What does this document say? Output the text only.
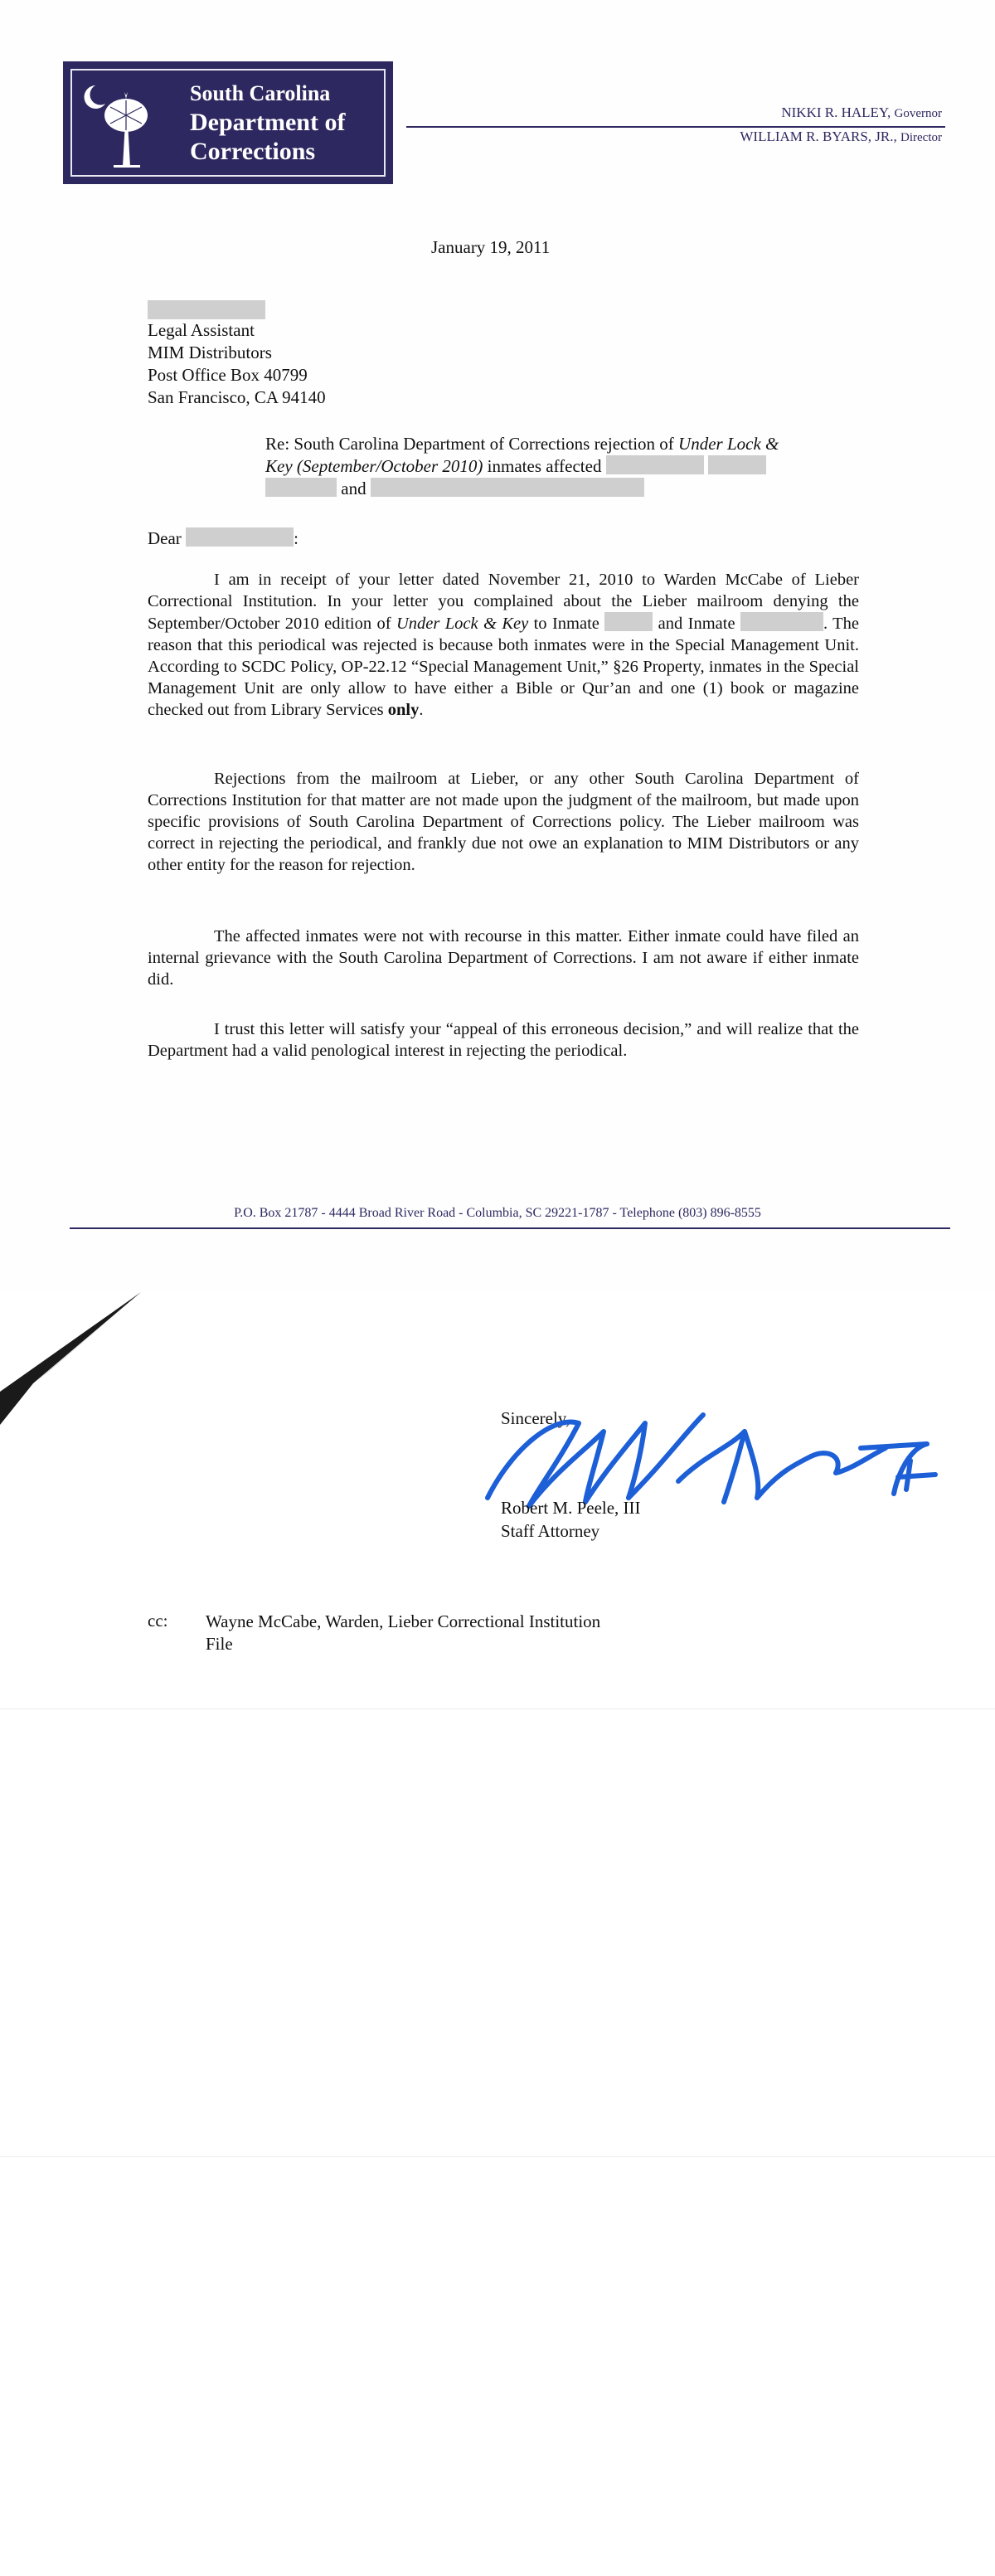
South Carolina
Department of
Corrections
NIKKI R. HALEY, Governor
WILLIAM R. BYARS, JR., Director
January 19, 2011
Legal Assistant
MIM Distributors
Post Office Box 40799
San Francisco, CA 94140
Re: South Carolina Department of Corrections rejection of Under Lock &
Key (September/October 2010) inmates affected
and
Dear	:

I am in receipt of your letter dated November 21, 2010 to Warden McCabe of Lieber Correctional Institution. In your letter you complained about the Lieber mailroom denying the September/October 2010 edition of Under Lock & Key to Inmate	and Inmate	. The reason that this periodical was rejected is because both inmates were in the Special Management Unit. According to SCDC Policy, OP-22.12 “Special Management Unit,” §26 Property, inmates in the Special Management Unit are only allow to have either a Bible or Qur’an and one (1) book or magazine checked out from Library Services only.

Rejections from the mailroom at Lieber, or any other South Carolina Department of Corrections Institution for that matter are not made upon the judgment of the mailroom, but made upon specific provisions of South Carolina Department of Corrections policy. The Lieber mailroom was correct in rejecting the periodical, and frankly due not owe an explanation to MIM Distributors or any other entity for the reason for rejection.

The affected inmates were not with recourse in this matter. Either inmate could have filed an internal grievance with the South Carolina Department of Corrections. I am not aware if either inmate did.

I trust this letter will satisfy your “appeal of this erroneous decision,” and will realize that the Department had a valid penological interest in rejecting the periodical.

P.O. Box 21787 - 4444 Broad River Road - Columbia, SC 29221-1787 - Telephone (803) 896-8555
Sincerely,
Robert M. Peele, III
Staff Attorney
cc: Wayne McCabe, Warden, Lieber Correctional Institution
File
